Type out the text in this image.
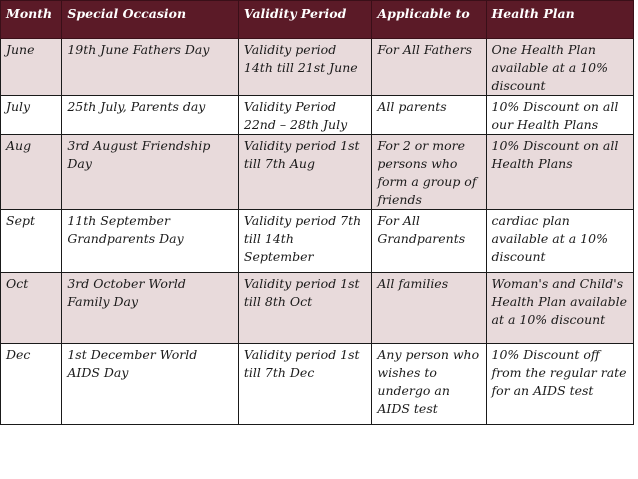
Month	Special Occasion	Validity Period	Applicable to	Health Plan
June	19th June Fathers Day	Validity period 14th till 21st June	For All Fathers	One Health Plan available at a 10% discount
July	25th July, Parents day	Validity Period 22nd – 28th July	All parents	10% Discount on all our Health Plans
Aug	3rd August Friendship Day	Validity period 1st till 7th Aug	For 2 or more persons who form a group of friends	10% Discount on all Health Plans
Sept	11th September Grandparents Day	Validity period 7th till 14th September	For All Grandparents	cardiac plan available at a 10% discount
Oct	3rd October World Family Day	Validity period 1st till 8th Oct	All families	Woman's and Child's Health Plan available at a 10% discount
Dec	1st December World AIDS Day	Validity period 1st till 7th Dec	Any person who wishes to undergo an AIDS test	10% Discount off from the regular rate for an AIDS test
